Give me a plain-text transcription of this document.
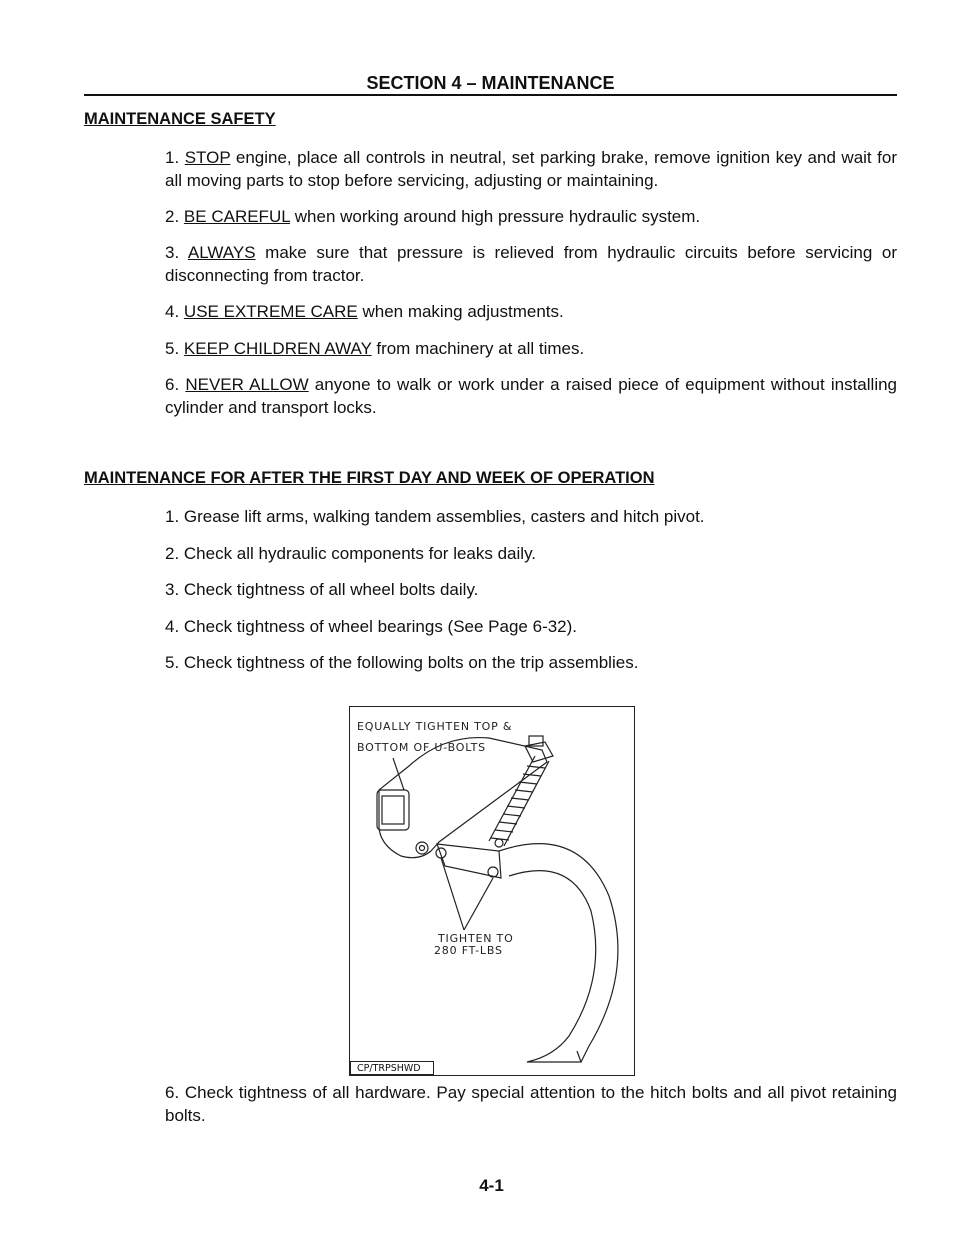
SECTION 4 – MAINTENANCE
MAINTENANCE SAFETY
1. STOP engine, place all controls in neutral, set parking brake, remove ignition key and wait for all moving parts to stop before servicing, adjusting or maintaining.
2. BE CAREFUL when working around high pressure hydraulic system.
3. ALWAYS make sure that pressure is relieved from hydraulic circuits before servicing or disconnecting from tractor.
4. USE EXTREME CARE when making adjustments.
5. KEEP CHILDREN AWAY from machinery at all times.
6. NEVER ALLOW anyone to walk or work under a raised piece of equipment without installing cylinder and transport locks.
MAINTENANCE FOR AFTER THE FIRST DAY AND WEEK OF OPERATION
1. Grease lift arms, walking tandem assemblies, casters and hitch pivot.
2. Check all hydraulic components for leaks daily.
3. Check tightness of all wheel bolts daily.
4. Check tightness of wheel bearings (See Page 6-32).
5. Check tightness of the following bolts on the trip assemblies.
EQUALLY TIGHTEN TOP &
BOTTOM OF U-BOLTS
TIGHTEN TO
280 FT-LBS
CP/TRPSHWD
6. Check tightness of all hardware. Pay special attention to the hitch bolts and all pivot retaining bolts.
4-1
